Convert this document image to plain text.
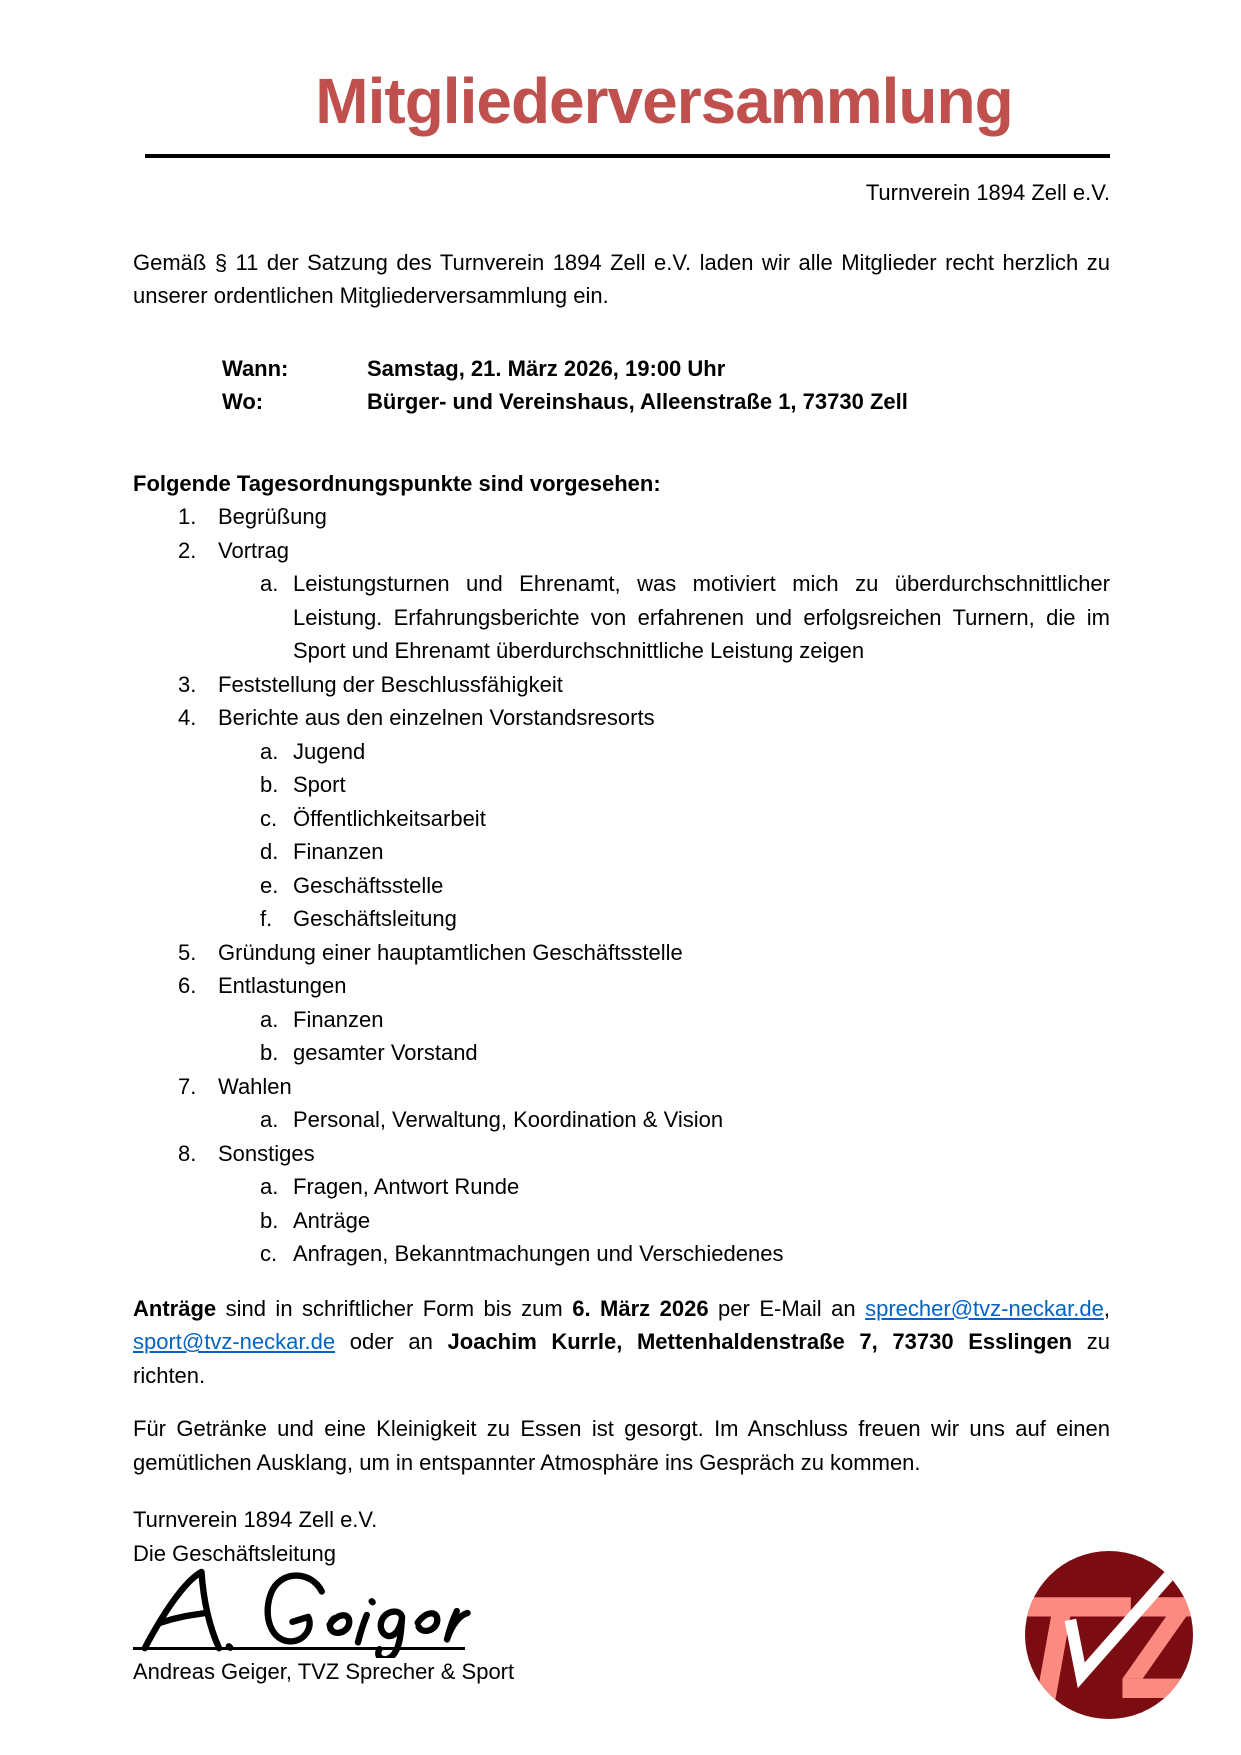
Mitgliederversammlung
Turnverein 1894 Zell e.V.

Gemäß § 11 der Satzung des Turnverein 1894 Zell e.V. laden wir alle Mitglieder recht herzlich zu unserer ordentlichen Mitgliederversammlung ein.

Wann:	Samstag, 21. März 2026, 19:00 Uhr
Wo:	Bürger- und Vereinshaus, Alleenstraße 1, 73730 Zell
Folgende Tagesordnungspunkte sind vorgesehen:
1. Begrüßung
2. Vortrag
a. Leistungsturnen und Ehrenamt, was motiviert mich zu überdurchschnittlicher Leistung. Erfahrungsberichte von erfahrenen und erfolgsreichen Turnern, die im Sport und Ehrenamt überdurchschnittliche Leistung zeigen
3. Feststellung der Beschlussfähigkeit
4. Berichte aus den einzelnen Vorstandsresorts
a. Jugend
b. Sport
c. Öffentlichkeitsarbeit
d. Finanzen
e. Geschäftsstelle
f. Geschäftsleitung
5. Gründung einer hauptamtlichen Geschäftsstelle
6. Entlastungen
a. Finanzen
b. gesamter Vorstand
7. Wahlen
a. Personal, Verwaltung, Koordination & Vision
8. Sonstiges
a. Fragen, Antwort Runde
b. Anträge
c. Anfragen, Bekanntmachungen und Verschiedenes

Anträge sind in schriftlicher Form bis zum 6. März 2026 per E-Mail an sprecher@tvz-neckar.de, sport@tvz-neckar.de oder an Joachim Kurrle, Mettenhaldenstraße 7, 73730 Esslingen zu richten.

Für Getränke und eine Kleinigkeit zu Essen ist gesorgt. Im Anschluss freuen wir uns auf einen gemütlichen Ausklang, um in entspannter Atmosphäre ins Gespräch zu kommen.

Turnverein 1894 Zell e.V.
Die Geschäftsleitung
Andreas Geiger, TVZ Sprecher & Sport
